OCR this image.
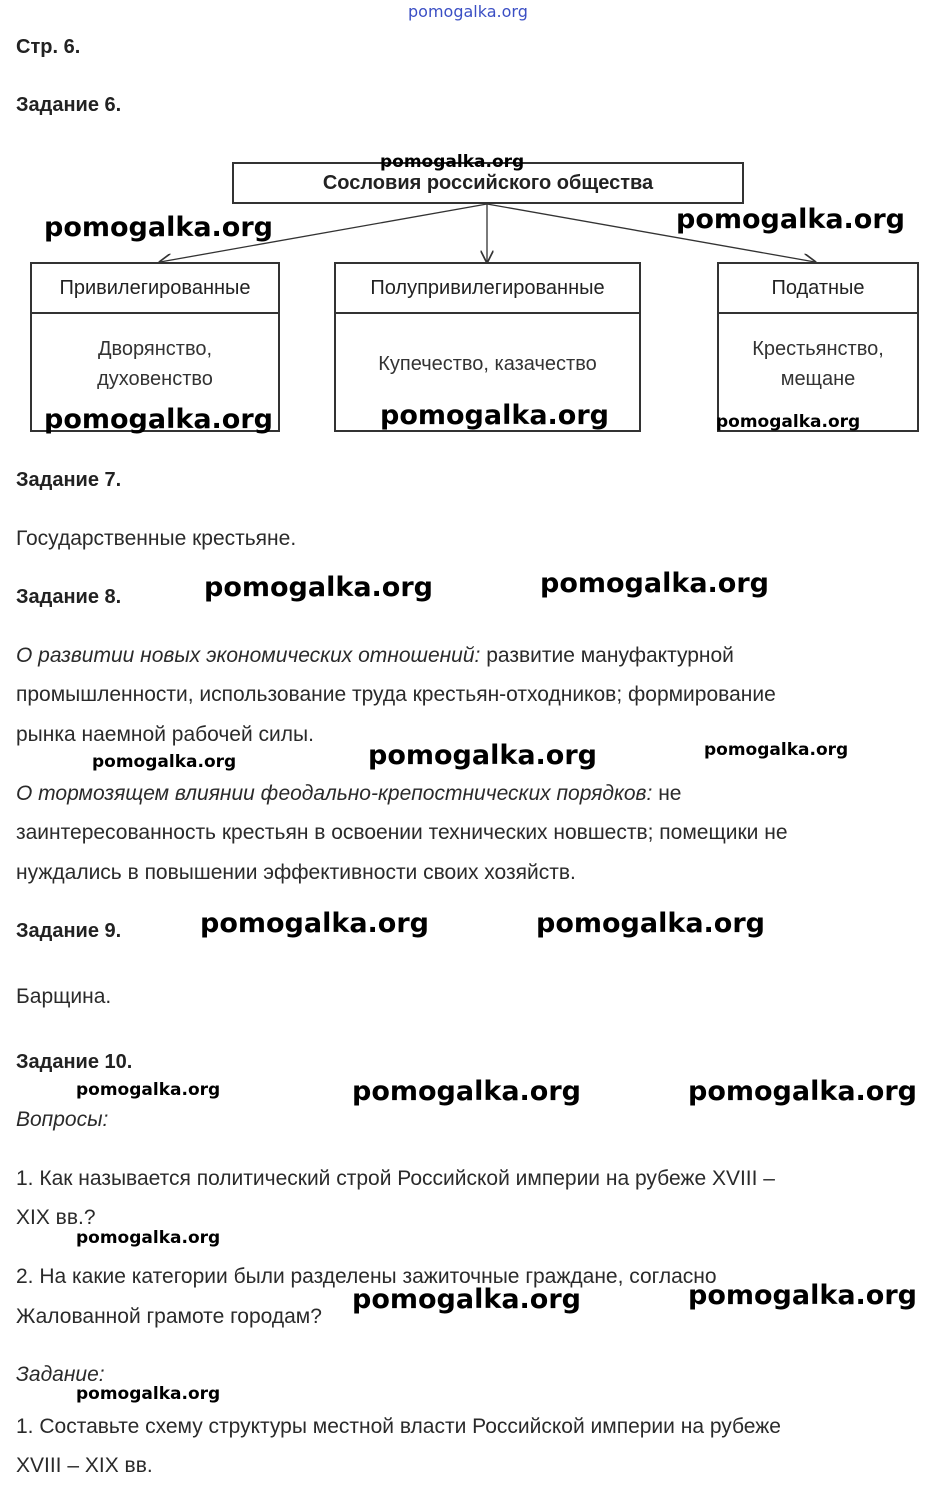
pomogalka.org
Стр. 6.
Задание 6.
Сословия российского общества
Привилегированные
Дворянство, духовенство
Полупривилегированные
Купечество, казачество
Податные
Крестьянство, мещане
Задание 7.
Государственные крестьяне.
Задание 8.
О развитии новых экономических отношений: развитие мануфактурной
промышленности, использование труда крестьян-отходников; формирование
рынка наемной рабочей силы.
О тормозящем влиянии феодально-крепостнических порядков: не
заинтересованность крестьян в освоении технических новшеств; помещики не
нуждались в повышении эффективности своих хозяйств.
Задание 9.
Барщина.
Задание 10.
Вопросы:
1. Как называется политический строй Российской империи на рубеже XVIII –
XIX вв.?
2. На какие категории были разделены зажиточные граждане, согласно
Жалованной грамоте городам?
Задание:
1. Составьте схему структуры местной власти Российской империи на рубеже
XVIII – XIX вв.
pomogalka.org	pomogalka.org
pomogalka.org	pomogalka.org
pomogalka.org	pomogalka.org
pomogalka.org
pomogalka.org	pomogalka.org
pomogalka.org	pomogalka.org
pomogalka.org	pomogalka.org
pomogalka.org
pomogalka.org
pomogalka.org
pomogalka.org
pomogalka.org
pomogalka.org
pomogalka.org
